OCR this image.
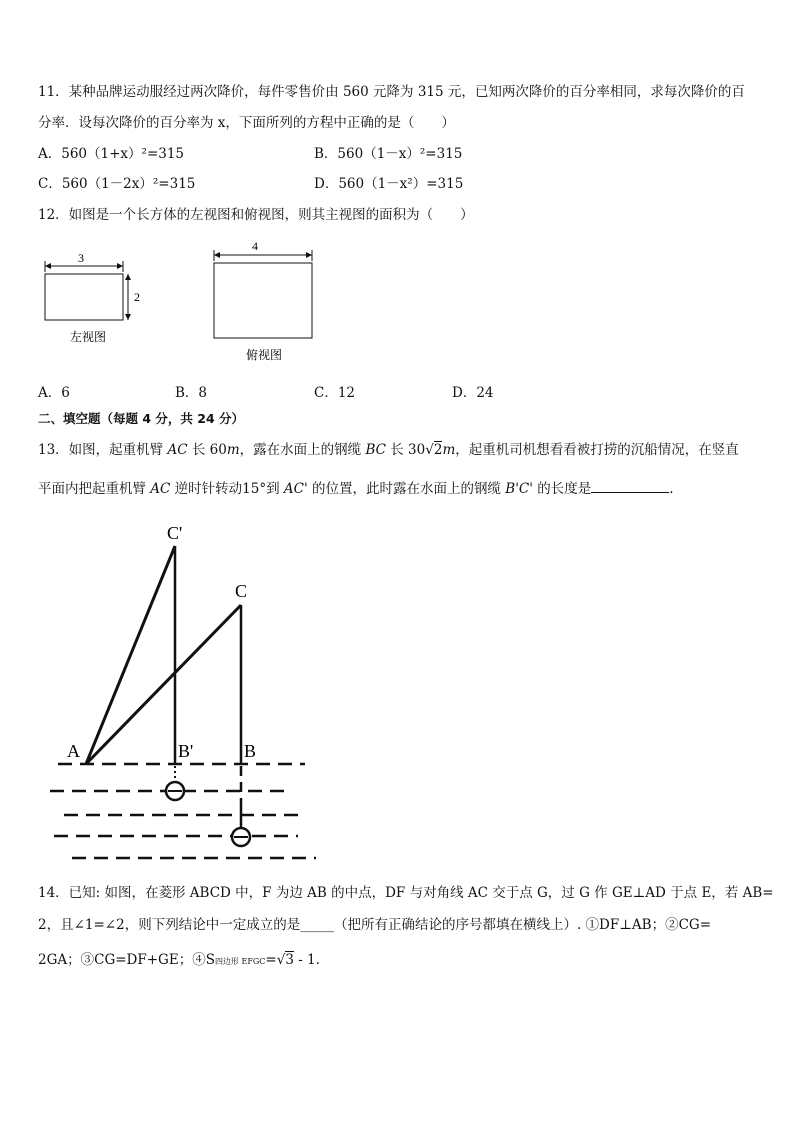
11．某种品牌运动服经过两次降价，每件零售价由 560 元降为 315 元，已知两次降价的百分率相同，求每次降价的百
分率．设每次降价的百分率为 x，下面所列的方程中正确的是（　　）
A．560（1+x）²=315	B．560（1－x）²=315
C．560（1－2x）²=315	D．560（1－x²）=315
12．如图是一个长方体的左视图和俯视图，则其主视图的面积为（　　）
3
2
左视图
4
俯视图
A．6	B．8	C．12	D．24
二、填空题（每题 4 分，共 24 分）
13．如图，起重机臂 AC 长 60m，露在水面上的钢缆 BC 长 30√2m，起重机司机想看看被打捞的沉船情况，在竖直
平面内把起重机臂 AC 逆时针转动15°到 AC' 的位置，此时露在水面上的钢缆 B'C' 的长度是	.
C'
C
A	B'	B
14．已知: 如图，在菱形 ABCD 中，F 为边 AB 的中点，DF 与对角线 AC 交于点 G，过 G 作 GE⊥AD 于点 E，若 AB=
2，且∠1=∠2，则下列结论中一定成立的是_____（把所有正确结论的序号都填在横线上）. ①DF⊥AB；②CG=
2GA；③CG=DF+GE；④S四边形 EFGC=√3 - 1.
